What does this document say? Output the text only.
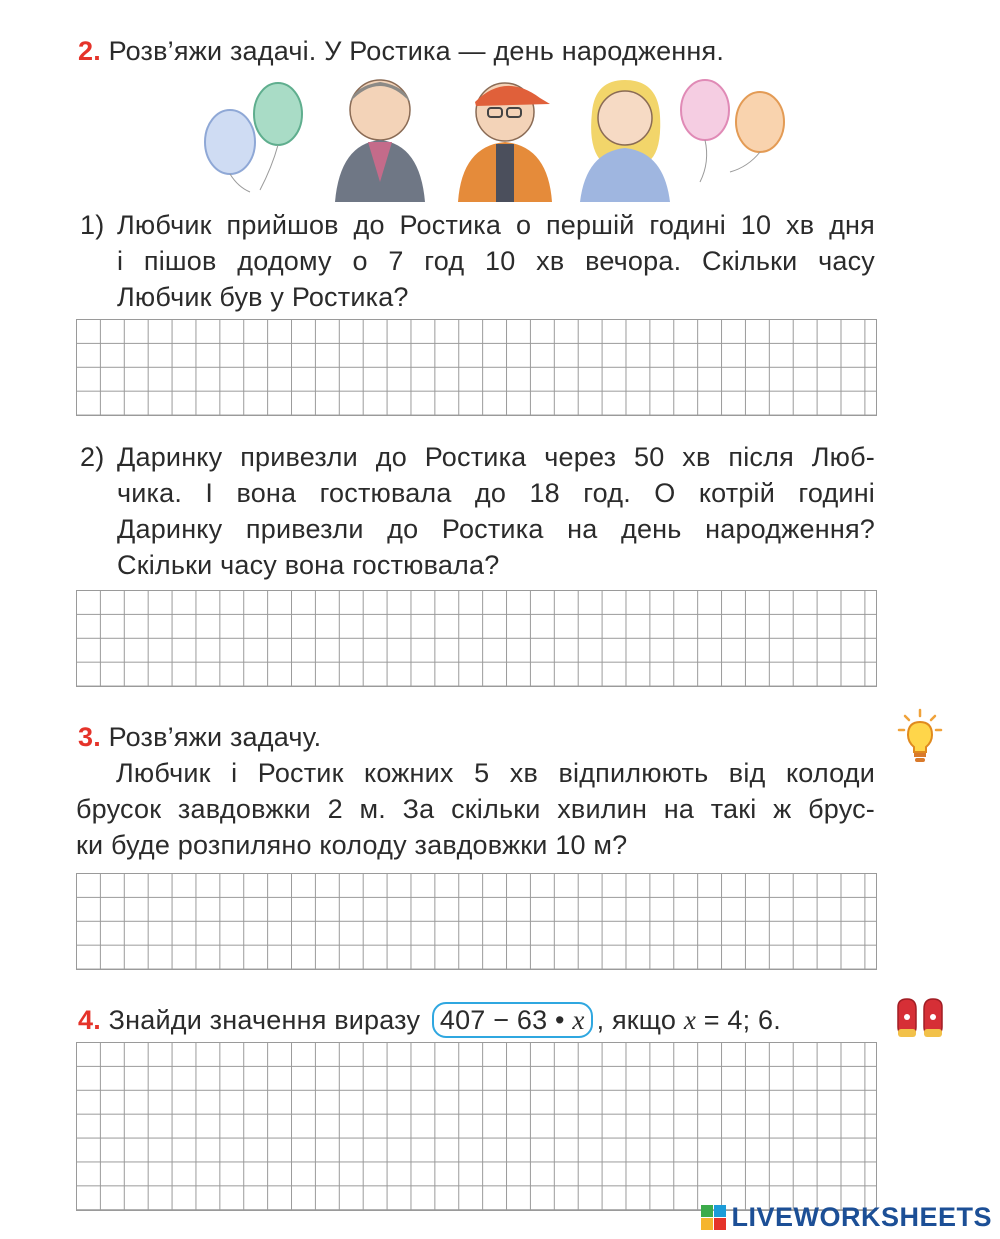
2. Розв’яжи задачі. У Ростика — день народження.
1) Любчик прийшов до Ростика о першій годині 10 хв дня
і пішов додому о 7 год 10 хв вечора. Скільки часу
Любчик був у Ростика?
2) Даринку привезли до Ростика через 50 хв після Люб-
чика. І вона гостювала до 18 год. О котрій годині
Даринку привезли до Ростика на день народження?
Скільки часу вона гостювала?
3. Розв’яжи задачу.
Любчик і Ростик кожних 5 хв відпилюють від колоди
брусок завдовжки 2 м. За скільки хвилин на такі ж брус-
ки буде розпиляно колоду завдовжки 10 м?
4. Знайди значення виразу 407 − 63 • x , якщо x = 4; 6.
LIVEWORKSHEETS
